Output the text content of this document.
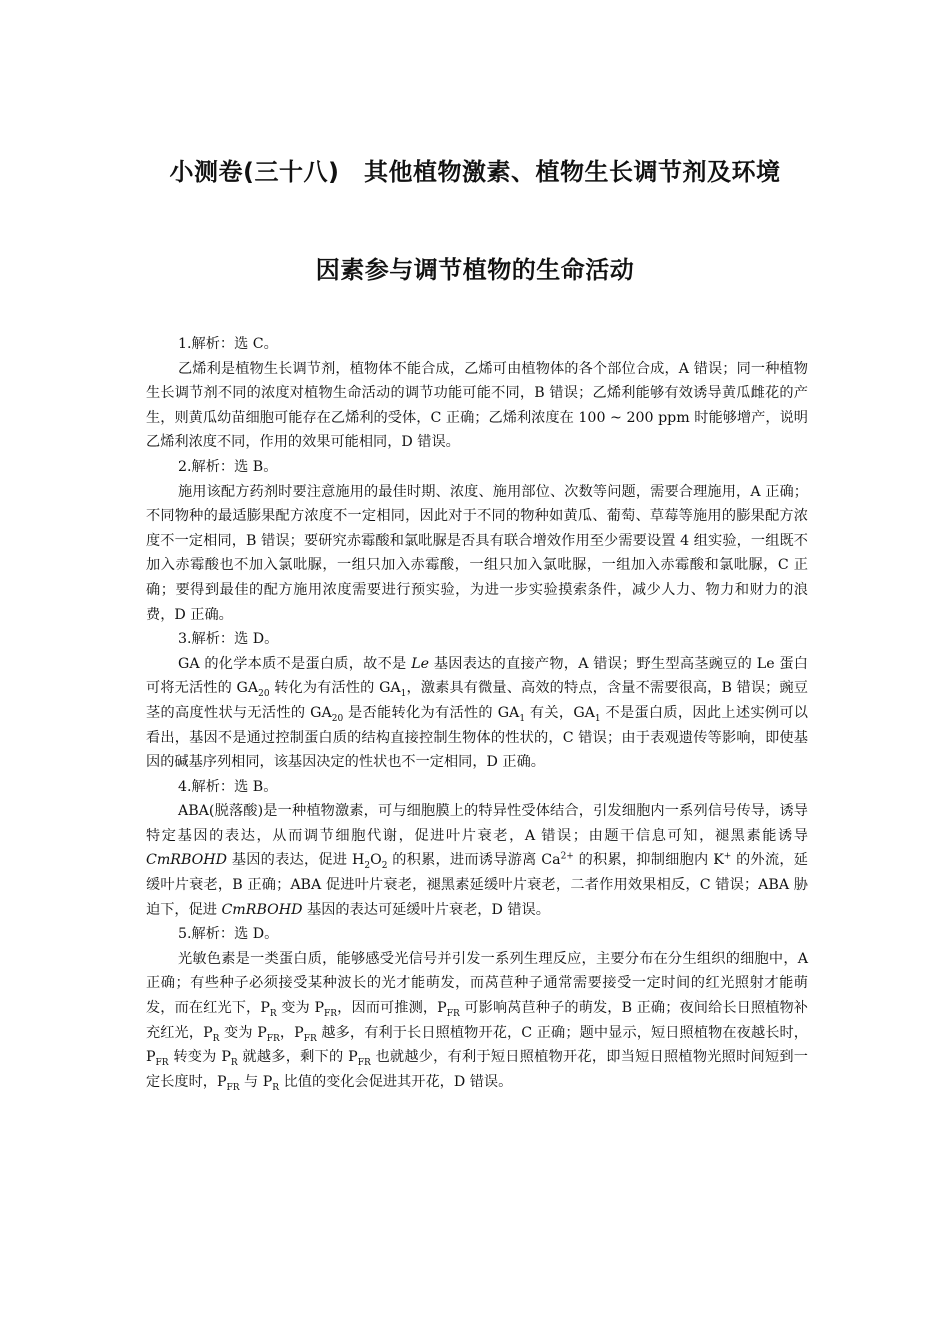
小测卷(三十八)　其他植物激素、植物生长调节剂及环境
因素参与调节植物的生命活动

1.解析：选 C。

乙烯利是植物生长调节剂，植物体不能合成，乙烯可由植物体的各个部位合成，A 错误；同一种植物生长调节剂不同的浓度对植物生命活动的调节功能可能不同，B 错误；乙烯利能够有效诱导黄瓜雌花的产生，则黄瓜幼苗细胞可能存在乙烯利的受体，C 正确；乙烯利浓度在 100 ~ 200 ppm 时能够增产，说明乙烯利浓度不同，作用的效果可能相同，D 错误。

2.解析：选 B。

施用该配方药剂时要注意施用的最佳时期、浓度、施用部位、次数等问题，需要合理施用，A 正确；不同物种的最适膨果配方浓度不一定相同，因此对于不同的物种如黄瓜、葡萄、草莓等施用的膨果配方浓度不一定相同，B 错误；要研究赤霉酸和氯吡脲是否具有联合增效作用至少需要设置 4 组实验，一组既不加入赤霉酸也不加入氯吡脲，一组只加入赤霉酸，一组只加入氯吡脲，一组加入赤霉酸和氯吡脲，C 正确；要得到最佳的配方施用浓度需要进行预实验，为进一步实验摸索条件，减少人力、物力和财力的浪费，D 正确。

3.解析：选 D。

GA 的化学本质不是蛋白质，故不是 Le 基因表达的直接产物，A 错误；野生型高茎豌豆的 Le 蛋白可将无活性的 $GA_{20}$ 转化为有活性的 $GA_1$，激素具有微量、高效的特点，含量不需要很高，B 错误；豌豆茎的高度性状与无活性的 $GA_{20}$ 是否能转化为有活性的 $GA_1$ 有关，$GA_1$ 不是蛋白质，因此上述实例可以看出，基因不是通过控制蛋白质的结构直接控制生物体的性状的，C 错误；由于表观遗传等影响，即使基因的碱基序列相同，该基因决定的性状也不一定相同，D 正确。

4.解析：选 B。

ABA(脱落酸)是一种植物激素，可与细胞膜上的特异性受体结合，引发细胞内一系列信号传导，诱导特定基因的表达，从而调节细胞代谢，促进叶片衰老，A 错误；由题干信息可知，褪黑素能诱导 CmRBOHD 基因的表达，促进 $H_2O_2$ 的积累，进而诱导游离 $Ca^{2+}$ 的积累，抑制细胞内 K+ 的外流，延缓叶片衰老，B 正确；ABA 促进叶片衰老，褪黑素延缓叶片衰老，二者作用效果相反，C 错误；ABA 胁迫下，促进 CmRBOHD 基因的表达可延缓叶片衰老，D 错误。

5.解析：选 D。

光敏色素是一类蛋白质，能够感受光信号并引发一系列生理反应，主要分布在分生组织的细胞中，A 正确；有些种子必须接受某种波长的光才能萌发，而莴苣种子通常需要接受一定时间的红光照射才能萌发，而在红光下，$P_R$ 变为 $P_{FR}$，因而可推测，$P_{FR}$ 可影响莴苣种子的萌发，B 正确；夜间给长日照植物补充红光，$P_R$ 变为 $P_{FR}$，$P_{FR}$ 越多，有利于长日照植物开花，C 正确；题中显示，短日照植物在夜越长时，$P_{FR}$ 转变为 $P_R$ 就越多，剩下的 $P_{FR}$ 也就越少，有利于短日照植物开花，即当短日照植物光照时间短到一定长度时，$P_{FR}$ 与 $P_R$ 比值的变化会促进其开花，D 错误。
